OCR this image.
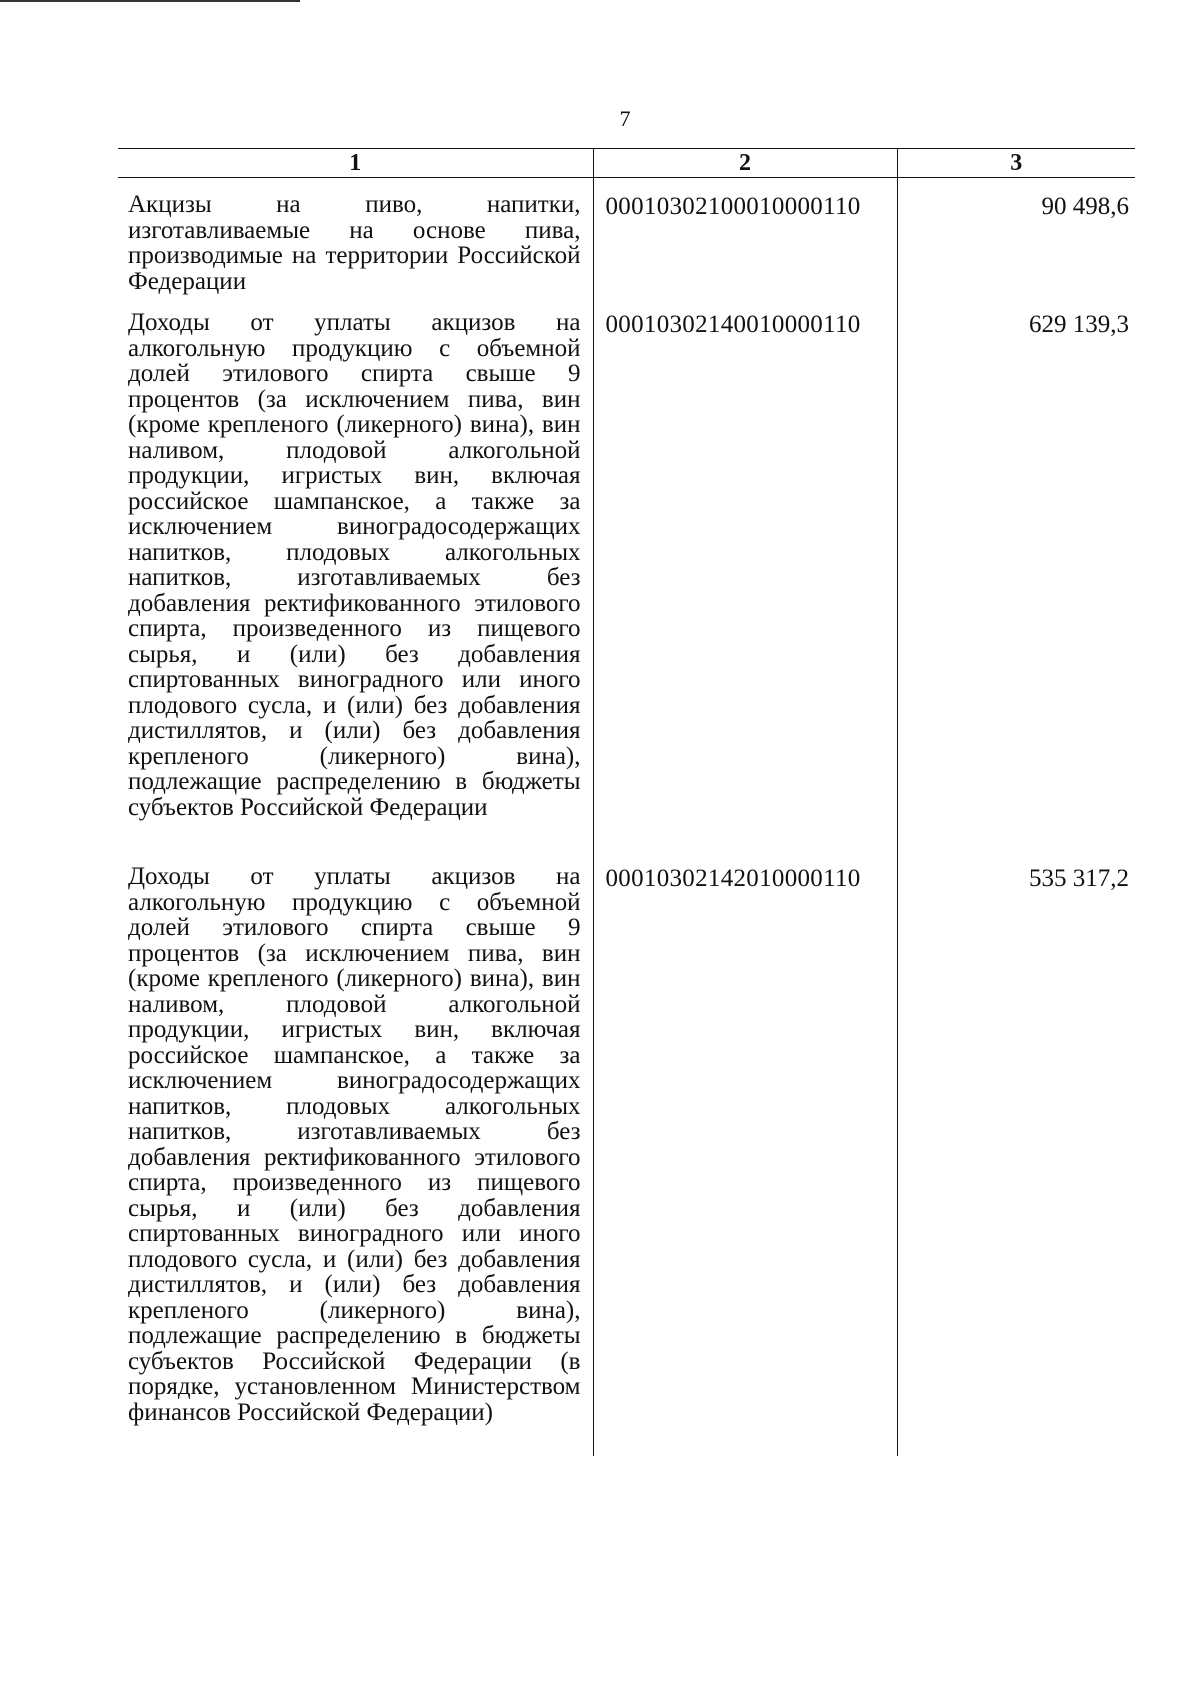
7
1	2	3
Акцизы на пиво, напитки, изготавливаемые на основе пива, производимые на территории Российской Федерации	00010302100010000110	90 498,6
Доходы от уплаты акцизов на алкогольную продукцию с объемной долей этилового спирта свыше 9 процентов (за исключением пива, вин (кроме крепленого (ликерного) вина), вин наливом, плодовой алкогольной продукции, игристых вин, включая российское шампанское, а также за исключением виноградосодержащих напитков, плодовых алкогольных напитков, изготавливаемых без добавления ректификованного этилового спирта, произведенного из пищевого сырья, и (или) без добавления спиртованных виноградного или иного плодового сусла, и (или) без добавления дистиллятов, и (или) без добавления крепленого (ликерного) вина), подлежащие распределению в бюджеты субъектов Российской Федерации	00010302140010000110	629 139,3
Доходы от уплаты акцизов на алкогольную продукцию с объемной долей этилового спирта свыше 9 процентов (за исключением пива, вин (кроме крепленого (ликерного) вина), вин наливом, плодовой алкогольной продукции, игристых вин, включая российское шампанское, а также за исключением виноградосодержащих напитков, плодовых алкогольных напитков, изготавливаемых без добавления ректификованного этилового спирта, произведенного из пищевого сырья, и (или) без добавления спиртованных виноградного или иного плодового сусла, и (или) без добавления дистиллятов, и (или) без добавления крепленого (ликерного) вина), подлежащие распределению в бюджеты субъектов Российской Федерации (в порядке, установленном Министерством финансов Российской Федерации)	00010302142010000110	535 317,2
